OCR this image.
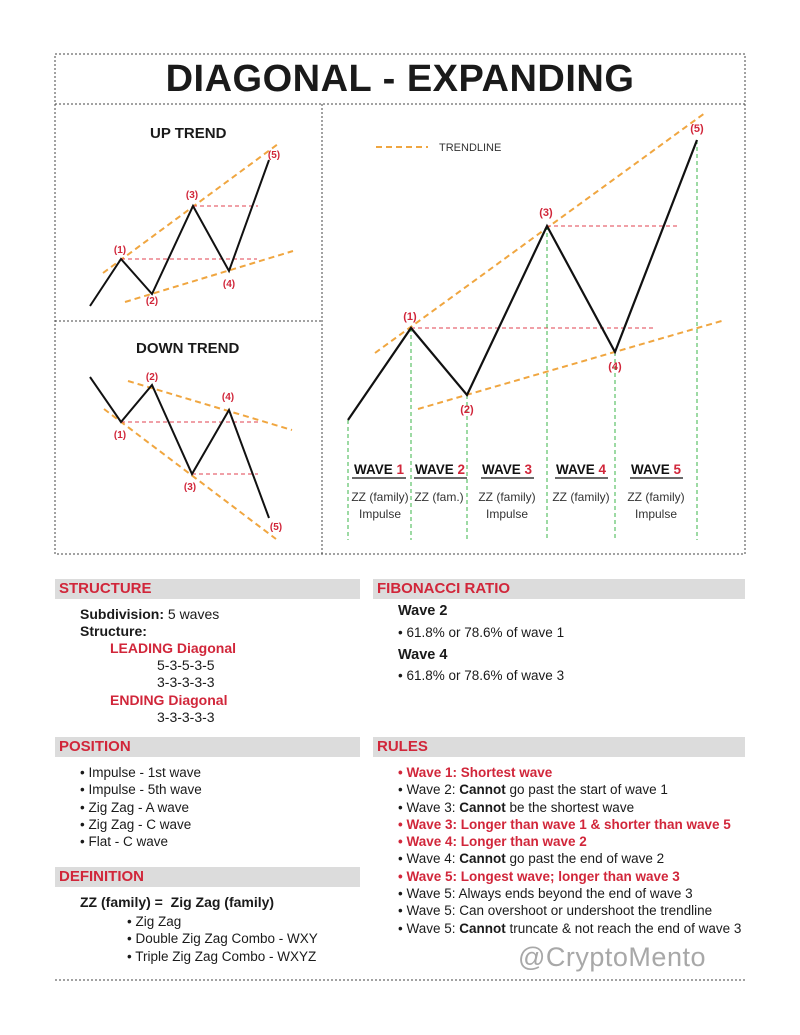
DIAGONAL - EXPANDING
UP TREND
(1)
(2)
(3)
(4)
(5)
DOWN TREND
(1)
(2)
(3)
(4)
(5)
TRENDLINE
(1)
(2)
(3)
(4)
(5)
WAVE 1 WAVE 2 WAVE 3 WAVE 4 WAVE 5
ZZ (family)
Impulse
ZZ (fam.) ZZ (family)
Impulse
ZZ (family) ZZ (family)
Impulse
STRUCTURE
Subdivision: 5 waves
Structure:
LEADING Diagonal
5-3-5-3-5
3-3-3-3-3
ENDING Diagonal
3-3-3-3-3
FIBONACCI RATIO
Wave 2
• 61.8% or 78.6% of wave 1
Wave 4
• 61.8% or 78.6% of wave 3
POSITION
• Impulse - 1st wave
• Impulse - 5th wave
• Zig Zag - A wave
• Zig Zag - C wave
• Flat - C wave
DEFINITION
ZZ (family) = Zig Zag (family)
• Zig Zag
• Double Zig Zag Combo - WXY
• Triple Zig Zag Combo - WXYZ
RULES
• Wave 1: Shortest wave
• Wave 2: Cannot go past the start of wave 1
• Wave 3: Cannot be the shortest wave
• Wave 3: Longer than wave 1 & shorter than wave 5
• Wave 4: Longer than wave 2
• Wave 4: Cannot go past the end of wave 2
• Wave 5: Longest wave; longer than wave 3
• Wave 5: Always ends beyond the end of wave 3
• Wave 5: Can overshoot or undershoot the trendline
• Wave 5: Cannot truncate & not reach the end of wave 3
@CryptoMento
